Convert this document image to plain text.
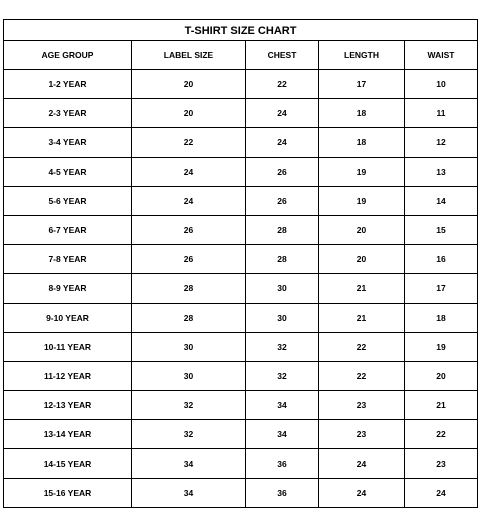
T-SHIRT SIZE CHART				
AGE GROUP	LABEL SIZE	CHEST	LENGTH	WAIST
1-2 YEAR	20	22	17	10
2-3 YEAR	20	24	18	11
3-4 YEAR	22	24	18	12
4-5 YEAR	24	26	19	13
5-6 YEAR	24	26	19	14
6-7 YEAR	26	28	20	15
7-8 YEAR	26	28	20	16
8-9 YEAR	28	30	21	17
9-10 YEAR	28	30	21	18
10-11 YEAR	30	32	22	19
11-12 YEAR	30	32	22	20
12-13 YEAR	32	34	23	21
13-14 YEAR	32	34	23	22
14-15 YEAR	34	36	24	23
15-16 YEAR	34	36	24	24
